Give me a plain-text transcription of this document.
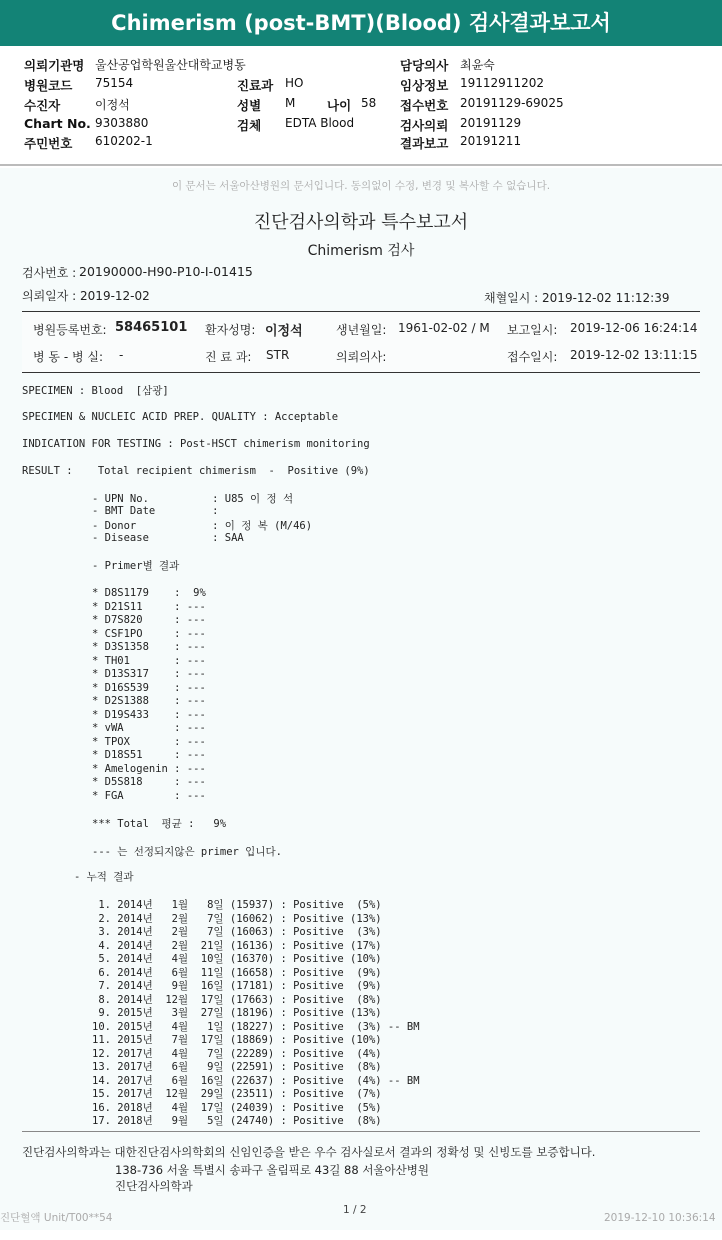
Chimerism (post-BMT)(Blood) 검사결과보고서
의뢰기관명 울산공업학원울산대학교병동
병원코드 75154
수진자	이정석
Chart No. 9303880
주민번호 610202-1
진료과 HO
성별 M	나이 58
검체 EDTA Blood
담당의사 최윤숙
임상정보 19112911202
접수번호 20191129-69025
검사의뢰 20191129
결과보고 20191211
이 문서는 서울아산병원의 문서입니다. 동의없이 수정, 변경 및 복사할 수 없습니다.
진단검사의학과 특수보고서
Chimerism 검사
검사번호 : 20190000-H90-P10-I-01415
의뢰일자 : 2019-12-02	채혈일시 : 2019-12-02 11:12:39
병원등록번호: 58465101 환자성명: 이정석	생년월일: 1961-02-02 / M 보고일시: 2019-12-06 16:24:14
병 동 - 병 실: -	진 료 과: STR	의뢰의사:	접수일시: 2019-12-02 13:11:15
SPECIMEN : Blood  [삼광]
SPECIMEN & NUCLEIC ACID PREP. QUALITY : Acceptable
INDICATION FOR TESTING : Post-HSCT chimerism monitoring
RESULT :    Total recipient chimerism  -  Positive (9%)
- UPN No.          : U85 이 정 석
- BMT Date         :
- Donor            : 이 정 복 (M/46)
- Disease          : SAA
- Primer별 결과
* D8S1179    :  9%
* D21S11     : ---
* D7S820     : ---
* CSF1PO     : ---
* D3S1358    : ---
* TH01       : ---
* D13S317    : ---
* D16S539    : ---
* D2S1388    : ---
* D19S433    : ---
* vWA        : ---
* TPOX       : ---
* D18S51     : ---
* Amelogenin : ---
* D5S818     : ---
* FGA        : ---
*** Total  평균 :   9%
--- 는 선정되지않은 primer 입니다.
- 누적 결과
1. 2014년   1월   8일 (15937) : Positive  (5%)
2. 2014년   2월   7일 (16062) : Positive (13%)
3. 2014년   2월   7일 (16063) : Positive  (3%)
4. 2014년   2월  21일 (16136) : Positive (17%)
5. 2014년   4월  10일 (16370) : Positive (10%)
6. 2014년   6월  11일 (16658) : Positive  (9%)
7. 2014년   9월  16일 (17181) : Positive  (9%)
8. 2014년  12월  17일 (17663) : Positive  (8%)
9. 2015년   3월  27일 (18196) : Positive (13%)
10. 2015년   4월   1일 (18227) : Positive  (3%) -- BM
11. 2015년   7월  17일 (18869) : Positive (10%)
12. 2017년   4월   7일 (22289) : Positive  (4%)
13. 2017년   6월   9일 (22591) : Positive  (8%)
14. 2017년   6월  16일 (22637) : Positive  (4%) -- BM
15. 2017년  12월  29일 (23511) : Positive  (7%)
16. 2018년   4월  17일 (24039) : Positive  (5%)
17. 2018년   9월   5일 (24740) : Positive  (8%)
진단검사의학과는 대한진단검사의학회의 신임인증을 받은 우수 검사실로서 결과의 정확성 및 신빙도를 보증합니다.
138-736 서울 특별시 송파구 올림픽로 43길 88 서울아산병원
진단검사의학과
진단혈액 Unit/T00**54
1 / 2
2019-12-10 10:36:14
